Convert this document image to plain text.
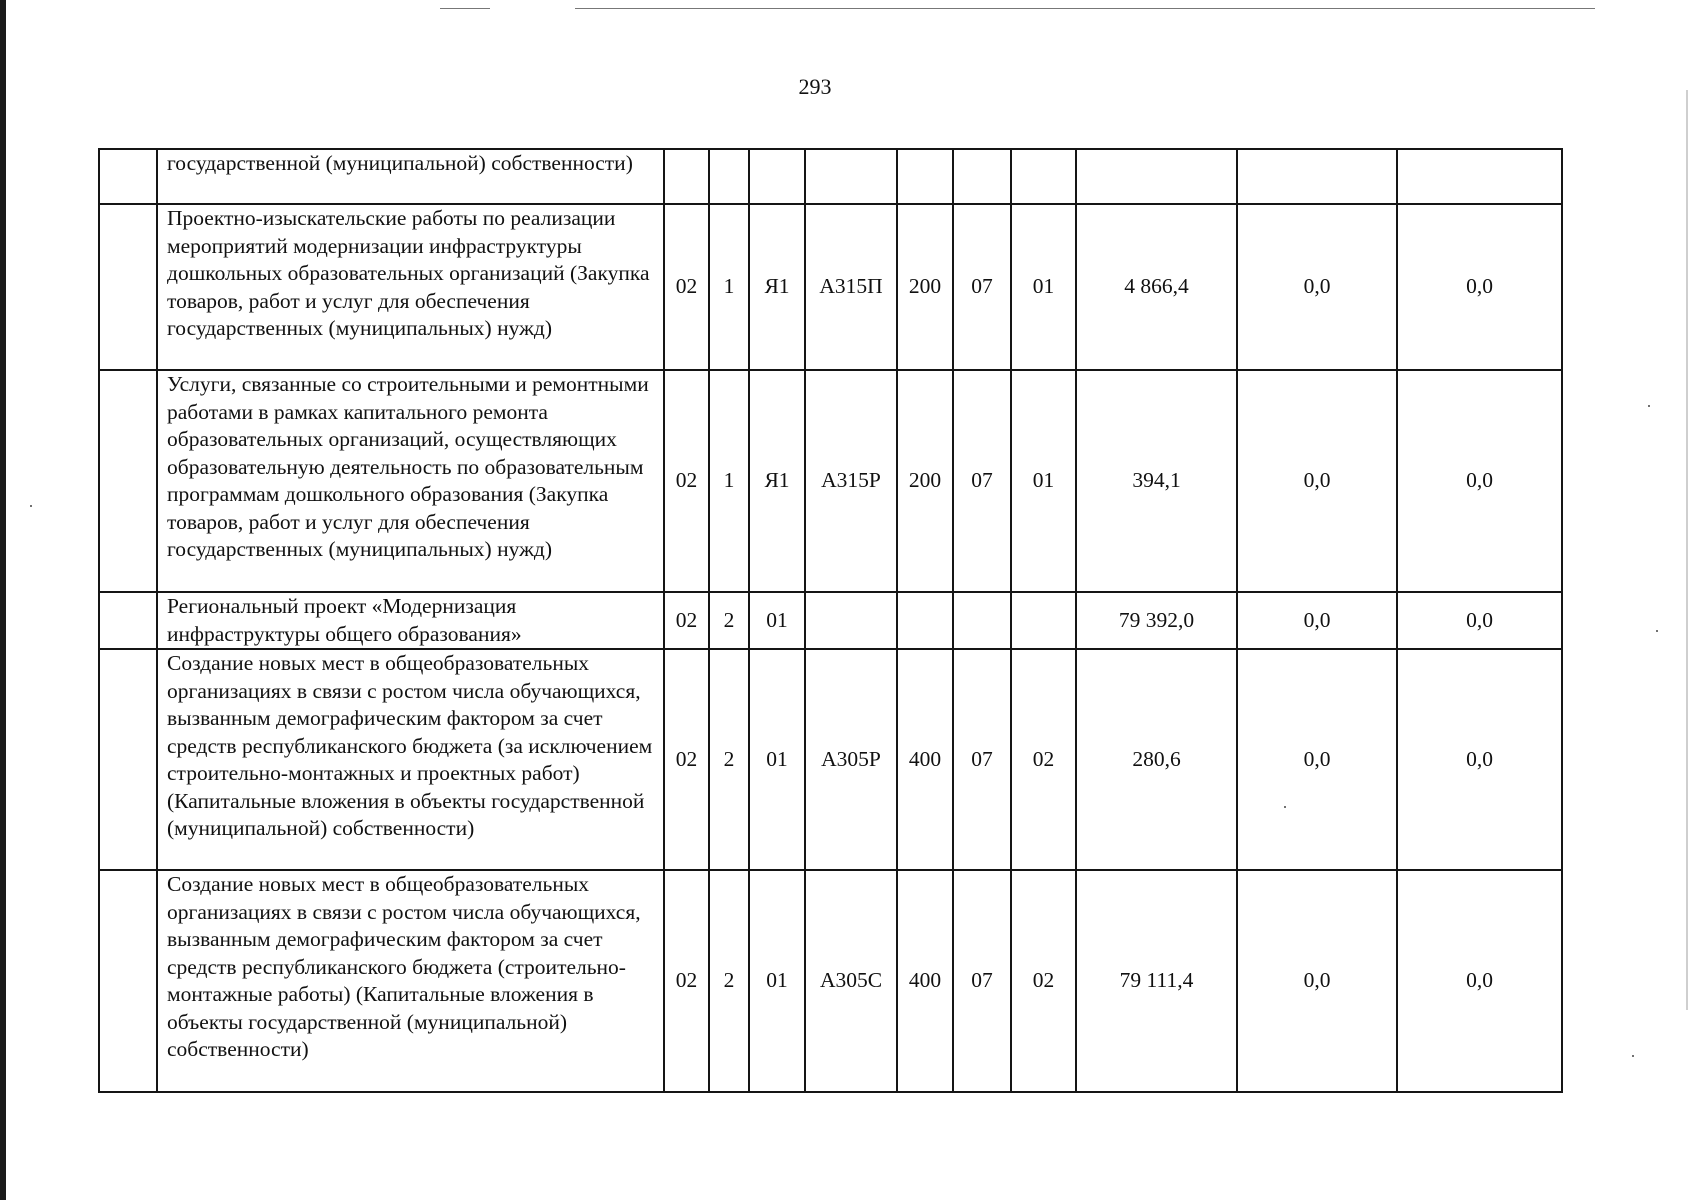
293
	государственной (муниципальной) собственности)										
	Проектно-изыскательские работы по реализации мероприятий модернизации инфраструктуры дошкольных образовательных организаций (Закупка товаров, работ и услуг для обеспечения государственных (муниципальных) нужд)	02	1	Я1	А315П	200	07	01	4 866,4	0,0	0,0
	Услуги, связанные со строительными и ремонтными работами в рамках капитального ремонта образовательных организаций, осуществляющих образовательную деятельность по образовательным программам дошкольного образования (Закупка товаров, работ и услуг для обеспечения государственных (муниципальных) нужд)	02	1	Я1	А315Р	200	07	01	394,1	0,0	0,0
	Региональный проект «Модернизация инфраструктуры общего образования»	02	2	01					79 392,0	0,0	0,0
	Создание новых мест в общеобразовательных организациях в связи с ростом числа обучающихся, вызванным демографическим фактором за счет средств республиканского бюджета (за исключением строительно-монтажных и проектных работ) (Капитальные вложения в объекты государственной (муниципальной) собственности)	02	2	01	А305Р	400	07	02	280,6	0,0	0,0
	Создание новых мест в общеобразовательных организациях в связи с ростом числа обучающихся, вызванным демографическим фактором за счет средств республиканского бюджета (строительно-монтажные работы) (Капитальные вложения в объекты государственной (муниципальной) собственности)	02	2	01	А305С	400	07	02	79 111,4	0,0	0,0
